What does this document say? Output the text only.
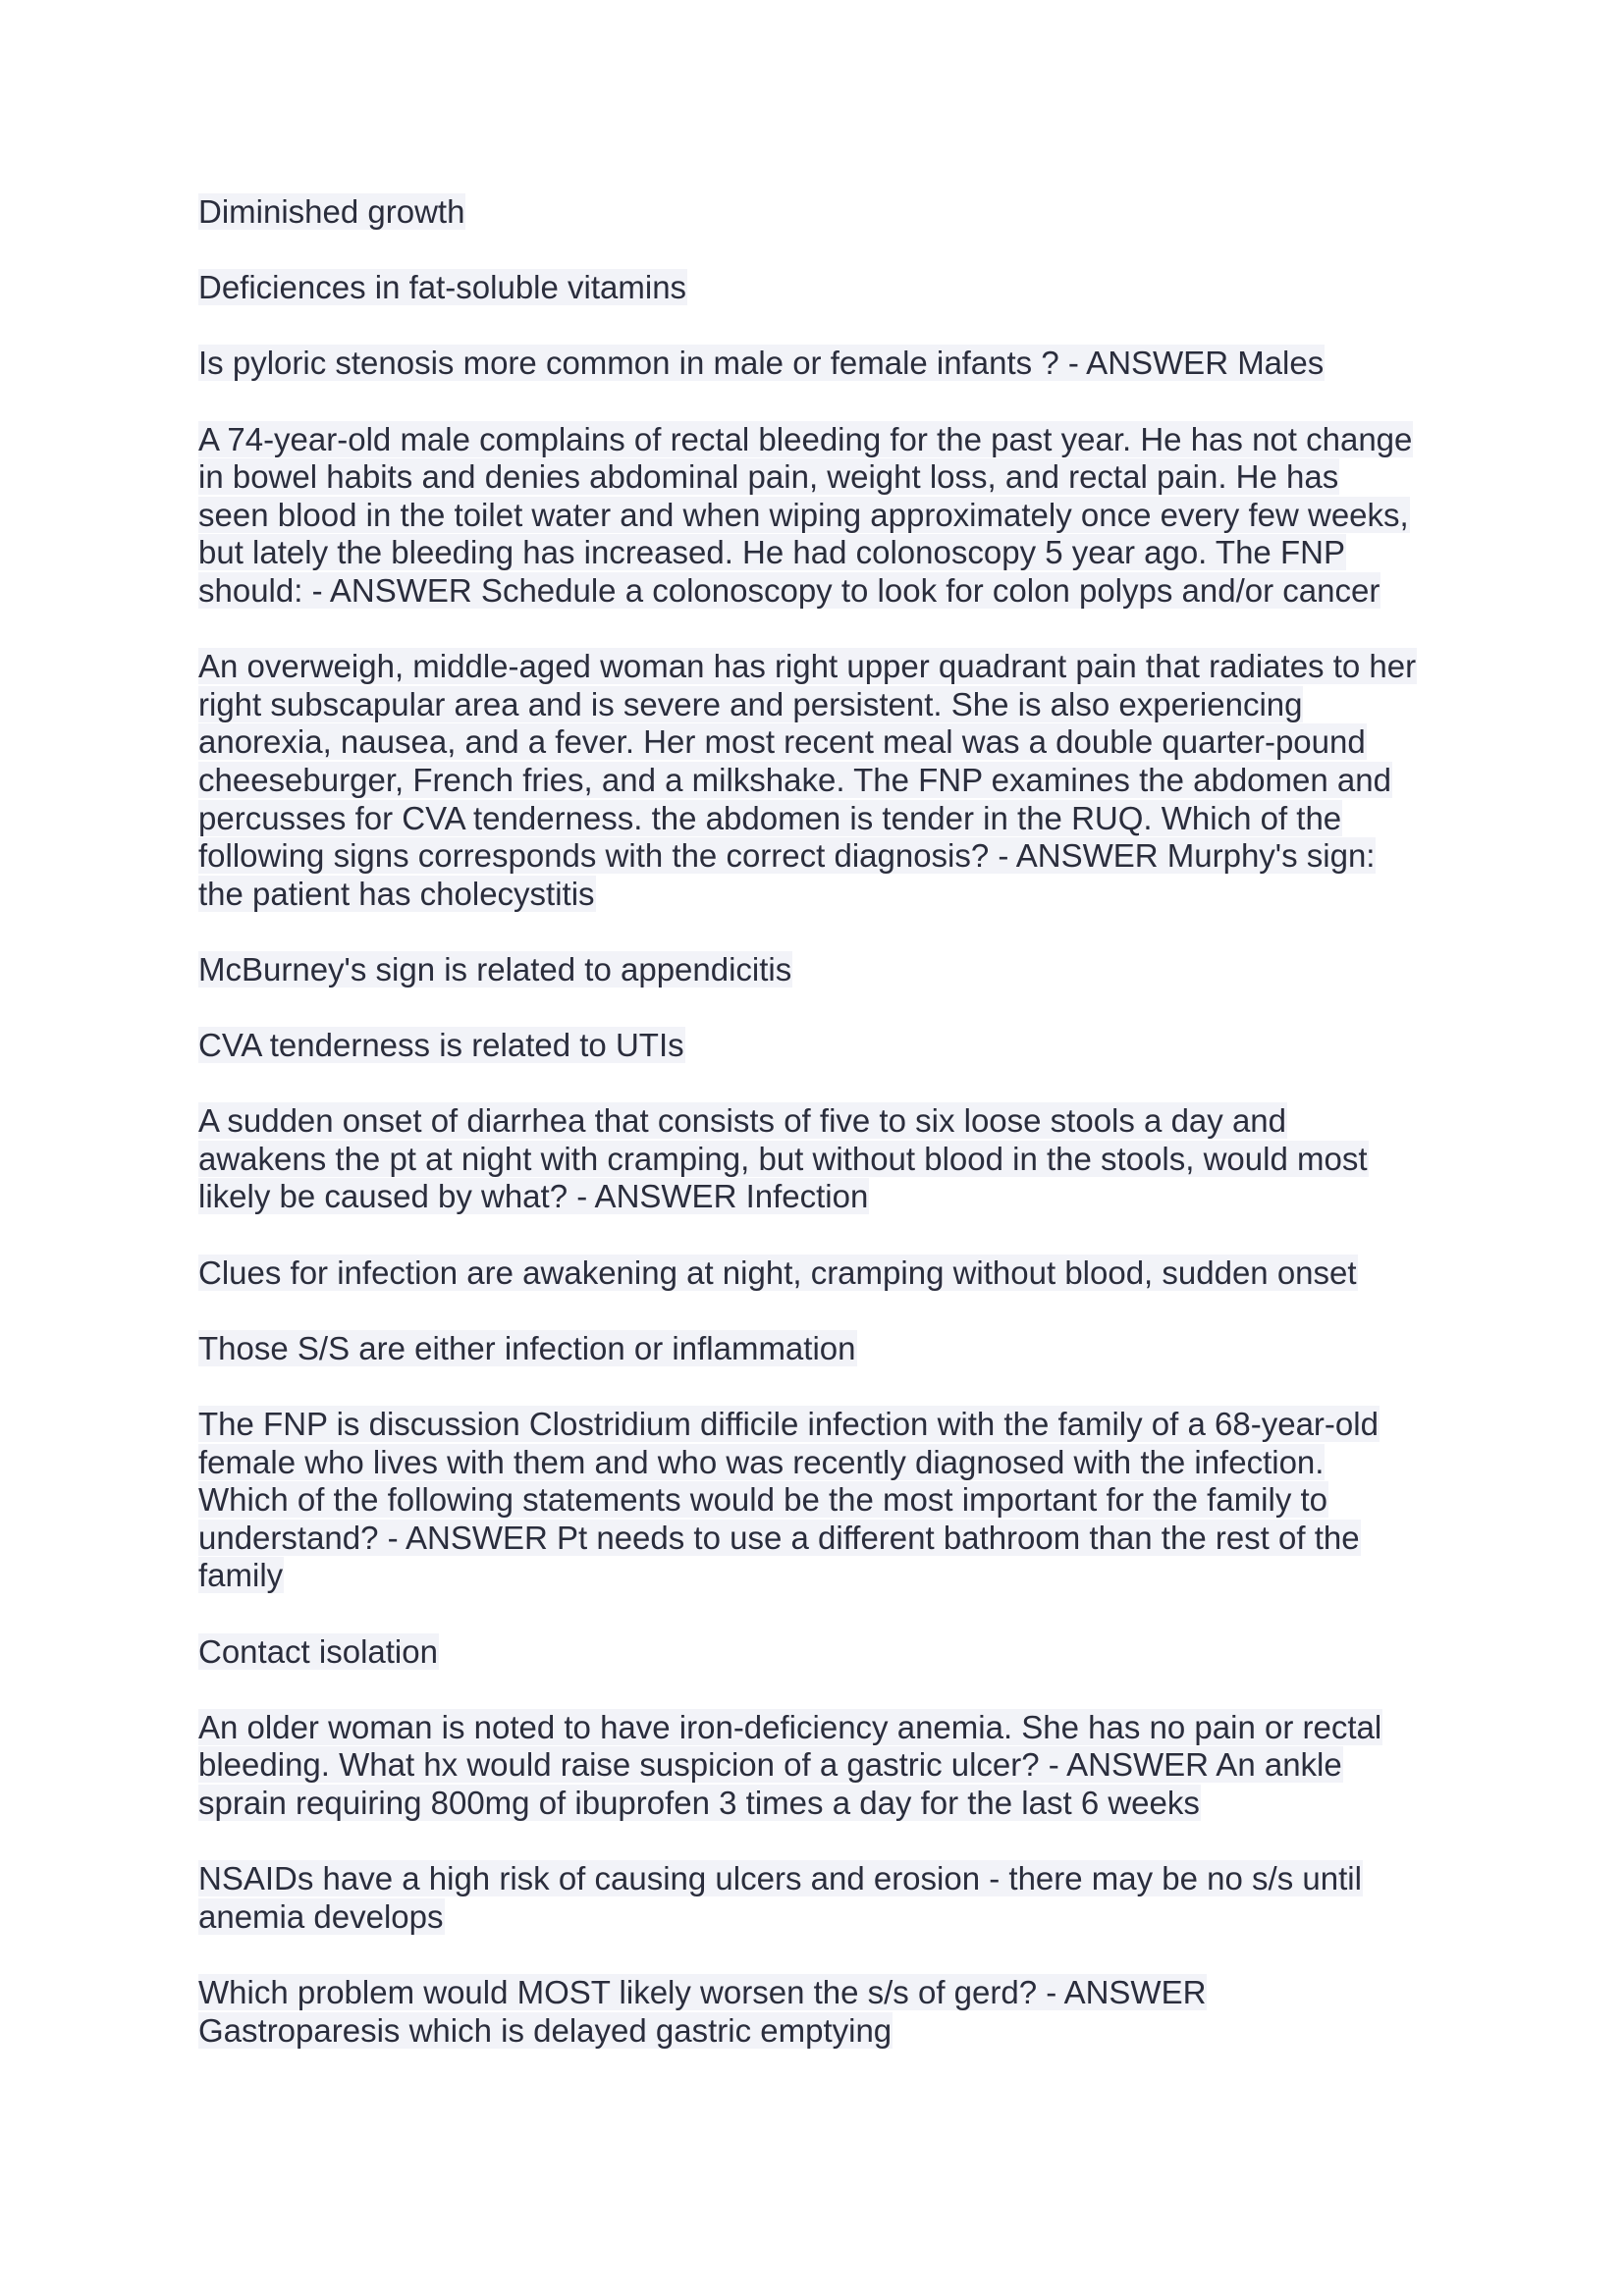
Diminished growth
Deficiences in fat-soluble vitamins
Is pyloric stenosis more common in male or female infants ? - ANSWER Males
A 74-year-old male complains of rectal bleeding for the past year. He has not change
in bowel habits and denies abdominal pain, weight loss, and rectal pain. He has
seen blood in the toilet water and when wiping approximately once every few weeks,
but lately the bleeding has increased. He had colonoscopy 5 year ago. The FNP
should: - ANSWER Schedule a colonoscopy to look for colon polyps and/or cancer
An overweigh, middle-aged woman has right upper quadrant pain that radiates to her
right subscapular area and is severe and persistent. She is also experiencing
anorexia, nausea, and a fever. Her most recent meal was a double quarter-pound
cheeseburger, French fries, and a milkshake. The FNP examines the abdomen and
percusses for CVA tenderness. the abdomen is tender in the RUQ. Which of the
following signs corresponds with the correct diagnosis? - ANSWER Murphy's sign:
the patient has cholecystitis
McBurney's sign is related to appendicitis
CVA tenderness is related to UTIs
A sudden onset of diarrhea that consists of five to six loose stools a day and
awakens the pt at night with cramping, but without blood in the stools, would most
likely be caused by what? - ANSWER Infection
Clues for infection are awakening at night, cramping without blood, sudden onset
Those S/S are either infection or inflammation
The FNP is discussion Clostridium difficile infection with the family of a 68-year-old
female who lives with them and who was recently diagnosed with the infection.
Which of the following statements would be the most important for the family to
understand? - ANSWER Pt needs to use a different bathroom than the rest of the
family
Contact isolation
An older woman is noted to have iron-deficiency anemia. She has no pain or rectal
bleeding. What hx would raise suspicion of a gastric ulcer? - ANSWER An ankle
sprain requiring 800mg of ibuprofen 3 times a day for the last 6 weeks
NSAIDs have a high risk of causing ulcers and erosion - there may be no s/s until
anemia develops
Which problem would MOST likely worsen the s/s of gerd? - ANSWER
Gastroparesis which is delayed gastric emptying
